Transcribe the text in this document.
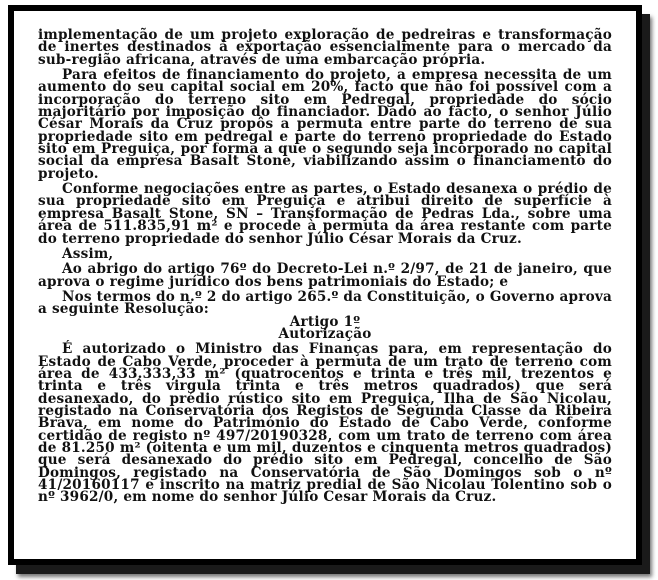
implementação de um projeto exploração de pedreiras e transformação de inertes destinados à exportação essencialmente para o mercado da sub-região africana, através de uma embarcação própria.

Para efeitos de financiamento do projeto, a empresa necessita de um aumento do seu capital social em 20%, facto que não foi possível com a incorporação do terreno sito em Pedregal, propriedade do sócio majoritário por imposição do financiador. Dado ao facto, o senhor Júlio César Morais da Cruz propôs a permuta entre parte do terreno de sua propriedade sito em pedregal e parte do terreno propriedade do Estado sito em Preguiça, por forma a que o segundo seja incorporado no capital social da empresa Basalt Stone, viabilizando assim o financiamento do projeto.

Conforme negociações entre as partes, o Estado desanexa o prédio de sua propriedade sito em Preguiça e atribui direito de superfície à empresa Basalt Stone, SN – Transformação de Pedras Lda., sobre uma área de 511.835,91 m² e procede à permuta da área restante com parte do terreno propriedade do senhor Júlio César Morais da Cruz.

Assim,

Ao abrigo do artigo 76º do Decreto-Lei n.º 2/97, de 21 de janeiro, que aprova o regime jurídico dos bens patrimoniais do Estado; e

Nos termos do n.º 2 do artigo 265.º da Constituição, o Governo aprova a seguinte Resolução:

Artigo 1º

Autorização

É autorizado o Ministro das Finanças para, em representação do Estado de Cabo Verde, proceder à permuta de um trato de terreno com área de 433.333,33 m² (quatrocentos e trinta e três mil, trezentos e trinta e três virgula trinta e três metros quadrados) que será desanexado, do prédio rústico sito em Preguiça, Ilha de São Nicolau, registado na Conservatória dos Registos de Segunda Classe da Ribeira Brava, em nome do Património do Estado de Cabo Verde, conforme certidão de registo nº 497/20190328, com um trato de terreno com área de 81.250 m² (oitenta e um mil, duzentos e cinquenta metros quadrados) que será desanexado do prédio sito em Pedregal, concelho de São Domingos, registado na Conservatória de São Domingos sob o nº 41/20160117 e inscrito na matriz predial de São Nicolau Tolentino sob o nº 3962/0, em nome do senhor Júlio Cesar Morais da Cruz.
